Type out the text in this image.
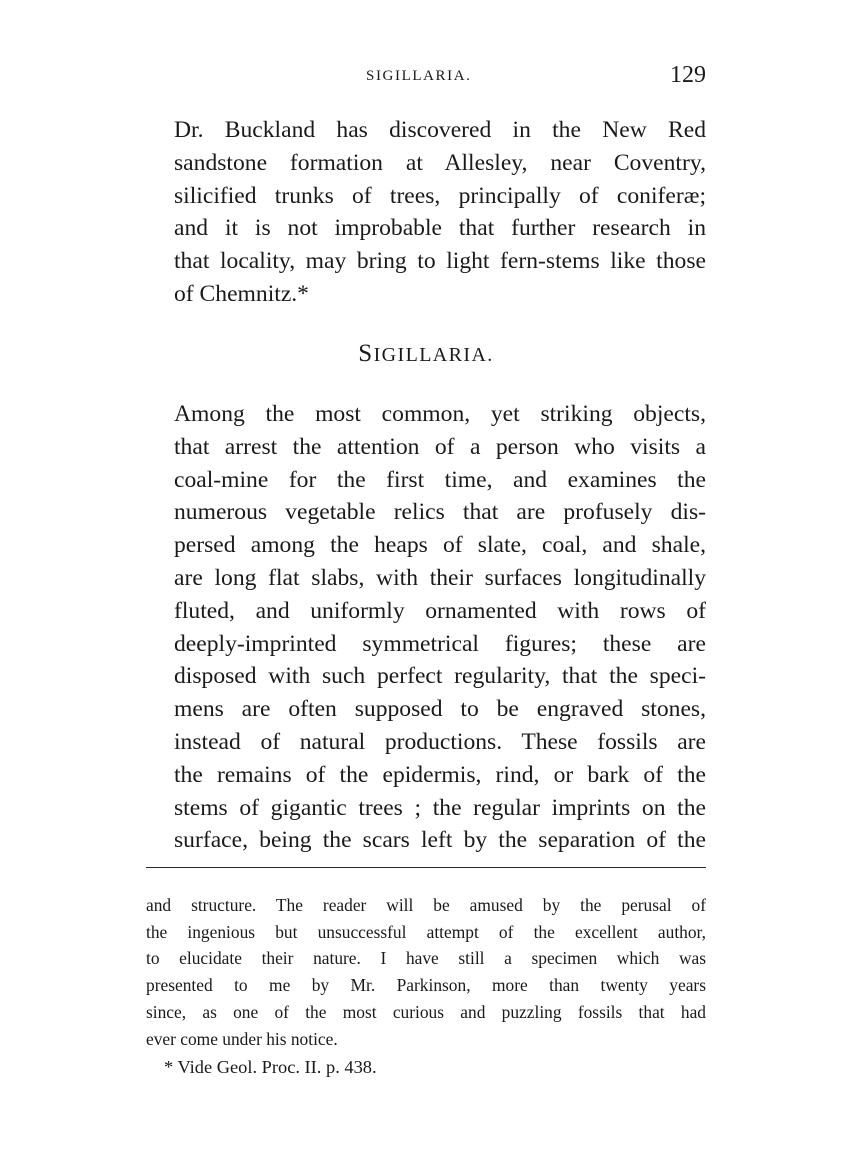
SIGILLARIA.	129

Dr. Buckland has discovered in the New Red
sandstone formation at Allesley, near Coventry,
silicified trunks of trees, principally of coniferæ;
and it is not improbable that further research in
that locality, may bring to light fern-stems like those
of Chemnitz.*

SIGILLARIA.

Among the most common, yet striking objects,
that arrest the attention of a person who visits a
coal-mine for the first time, and examines the
numerous vegetable relics that are profusely dis-
persed among the heaps of slate, coal, and shale,
are long flat slabs, with their surfaces longitudinally
fluted, and uniformly ornamented with rows of
deeply-imprinted symmetrical figures; these are
disposed with such perfect regularity, that the speci-
mens are often supposed to be engraved stones,
instead of natural productions. These fossils are
the remains of the epidermis, rind, or bark of the
stems of gigantic trees ; the regular imprints on the
surface, being the scars left by the separation of the

and structure. The reader will be amused by the perusal of
the ingenious but unsuccessful attempt of the excellent author,
to elucidate their nature. I have still a specimen which was
presented to me by Mr. Parkinson, more than twenty years
since, as one of the most curious and puzzling fossils that had
ever come under his notice.

* Vide Geol. Proc. II. p. 438.
